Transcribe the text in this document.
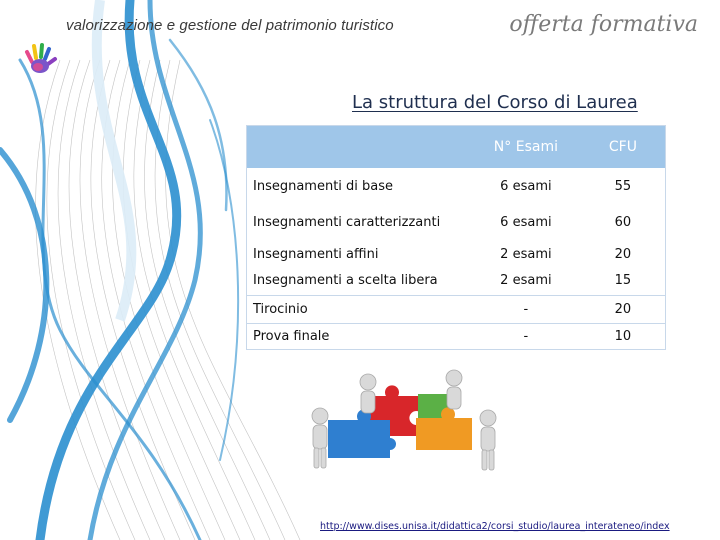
valorizzazione e gestione del patrimonio turistico	offerta formativa
La struttura del Corso di Laurea
	N° Esami	CFU
Insegnamenti di base	6 esami	55
Insegnamenti caratterizzanti	6 esami	60
Insegnamenti affini	2 esami	20
Insegnamenti a scelta libera	2 esami	15
Tirocinio	-	20
Prova finale	-	10
http://www.dises.unisa.it/didattica2/corsi_studio/laurea_interateneo/index
